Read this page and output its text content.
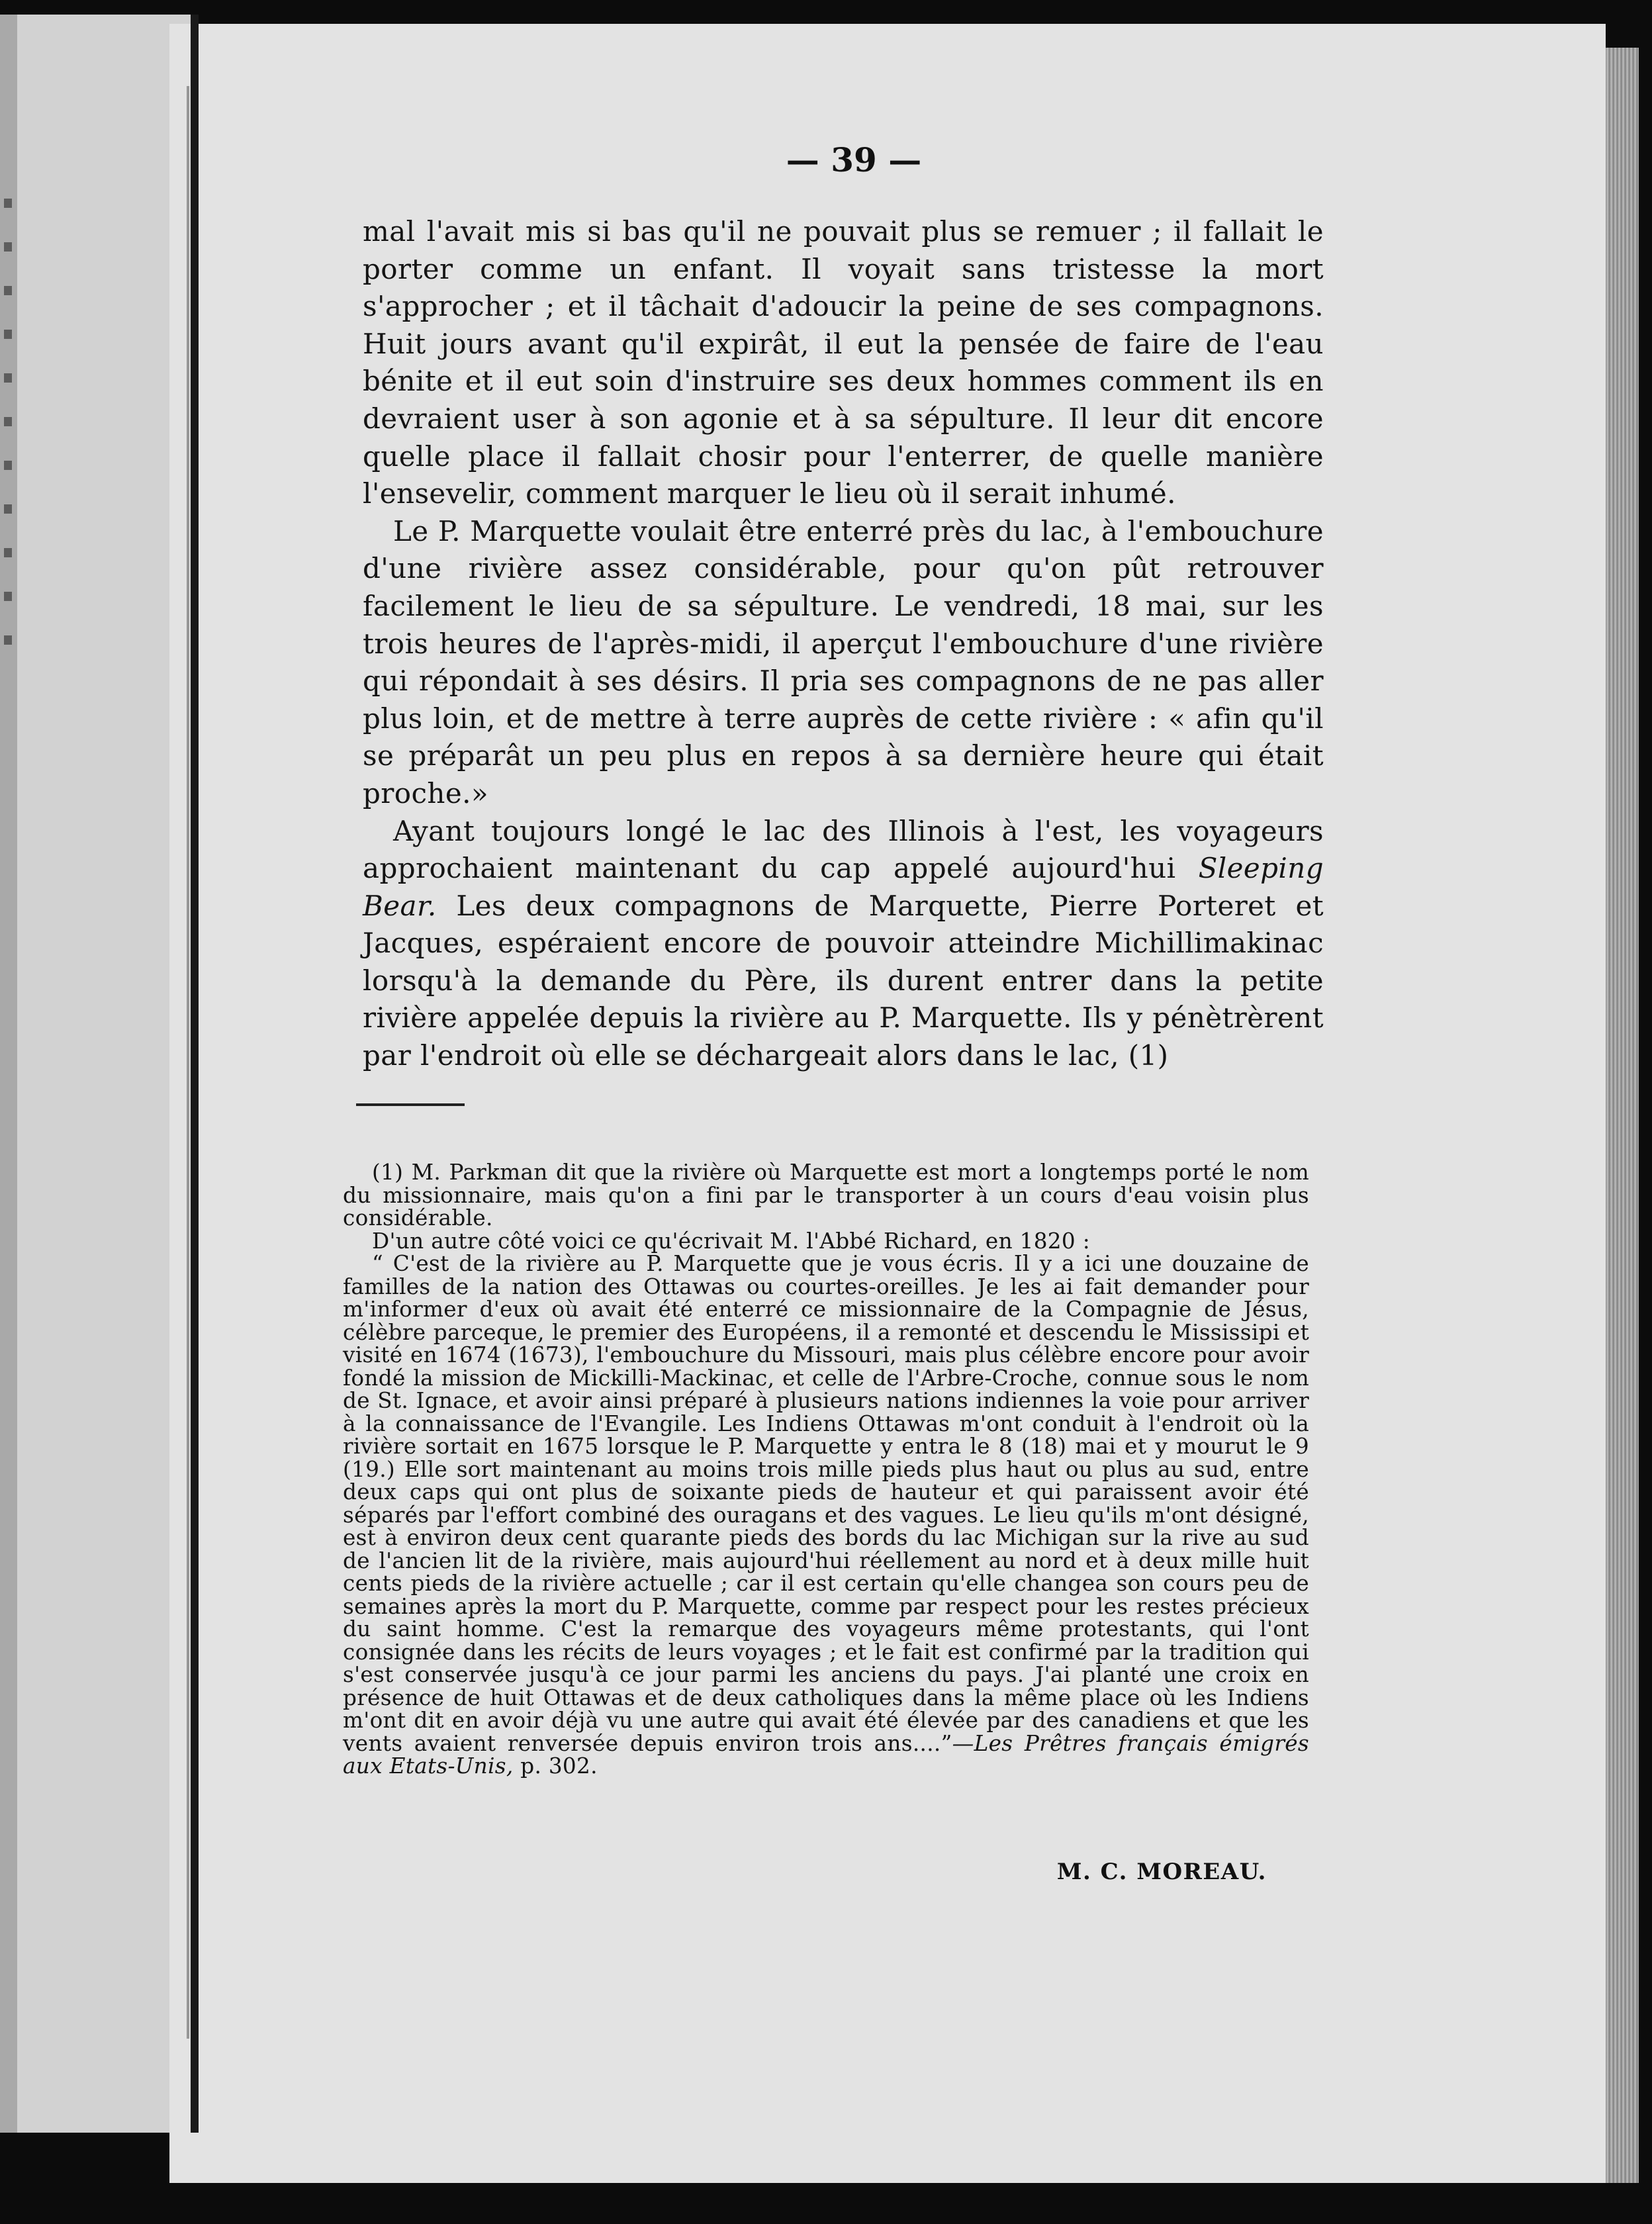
— 39 —

mal l'avait mis si bas qu'il ne pouvait plus se remuer ; il fallait le porter comme un enfant. Il voyait sans tristesse la mort s'approcher ; et il tâchait d'adoucir la peine de ses compagnons. Huit jours avant qu'il expirât, il eut la pensée de faire de l'eau bénite et il eut soin d'instruire ses deux hommes comment ils en devraient user à son agonie et à sa sépulture. Il leur dit encore quelle place il fallait chosir pour l'enterrer, de quelle manière l'ensevelir, comment marquer le lieu où il serait inhumé.

Le P. Marquette voulait être enterré près du lac, à l'embouchure d'une rivière assez considérable, pour qu'on pût retrouver facilement le lieu de sa sépulture. Le vendredi, 18 mai, sur les trois heures de l'après-midi, il aperçut l'embouchure d'une rivière qui répondait à ses désirs. Il pria ses compagnons de ne pas aller plus loin, et de mettre à terre auprès de cette rivière : « afin qu'il se préparât un peu plus en repos à sa dernière heure qui était proche.»

Ayant toujours longé le lac des Illinois à l'est, les voyageurs approchaient maintenant du cap appelé aujourd'hui Sleeping Bear. Les deux compagnons de Marquette, Pierre Porteret et Jacques, espéraient encore de pouvoir atteindre Michillimakinac lorsqu'à la demande du Père, ils durent entrer dans la petite rivière appelée depuis la rivière au P. Marquette. Ils y pénètrèrent par l'endroit où elle se déchargeait alors dans le lac, (1)

(1) M. Parkman dit que la rivière où Marquette est mort a longtemps porté le nom du missionnaire, mais qu'on a fini par le transporter à un cours d'eau voisin plus considérable.

D'un autre côté voici ce qu'écrivait M. l'Abbé Richard, en 1820 :

“ C'est de la rivière au P. Marquette que je vous écris. Il y a ici une douzaine de familles de la nation des Ottawas ou courtes-oreilles. Je les ai fait demander pour m'informer d'eux où avait été enterré ce missionnaire de la Compagnie de Jésus, célèbre parceque, le premier des Européens, il a remonté et descendu le Mississipi et visité en 1674 (1673), l'embouchure du Missouri, mais plus célèbre encore pour avoir fondé la mission de Mickilli-Mackinac, et celle de l'Arbre-Croche, connue sous le nom de St. Ignace, et avoir ainsi préparé à plusieurs nations indiennes la voie pour arriver à la connaissance de l'Evangile. Les Indiens Ottawas m'ont conduit à l'endroit où la rivière sortait en 1675 lorsque le P. Marquette y entra le 8 (18) mai et y mourut le 9 (19.) Elle sort maintenant au moins trois mille pieds plus haut ou plus au sud, entre deux caps qui ont plus de soixante pieds de hauteur et qui paraissent avoir été séparés par l'effort combiné des ouragans et des vagues. Le lieu qu'ils m'ont désigné, est à environ deux cent quarante pieds des bords du lac Michigan sur la rive au sud de l'ancien lit de la rivière, mais aujourd'hui réellement au nord et à deux mille huit cents pieds de la rivière actuelle ; car il est certain qu'elle changea son cours peu de semaines après la mort du P. Marquette, comme par respect pour les restes précieux du saint homme. C'est la remarque des voyageurs même protestants, qui l'ont consignée dans les récits de leurs voyages ; et le fait est confirmé par la tradition qui s'est conservée jusqu'à ce jour parmi les anciens du pays. J'ai planté une croix en présence de huit Ottawas et de deux catholiques dans la même place où les Indiens m'ont dit en avoir déjà vu une autre qui avait été élevée par des canadiens et que les vents avaient renversée depuis environ trois ans....”—Les Prêtres français émigrés aux Etats-Unis, p. 302.

M. C. MOREAU.
